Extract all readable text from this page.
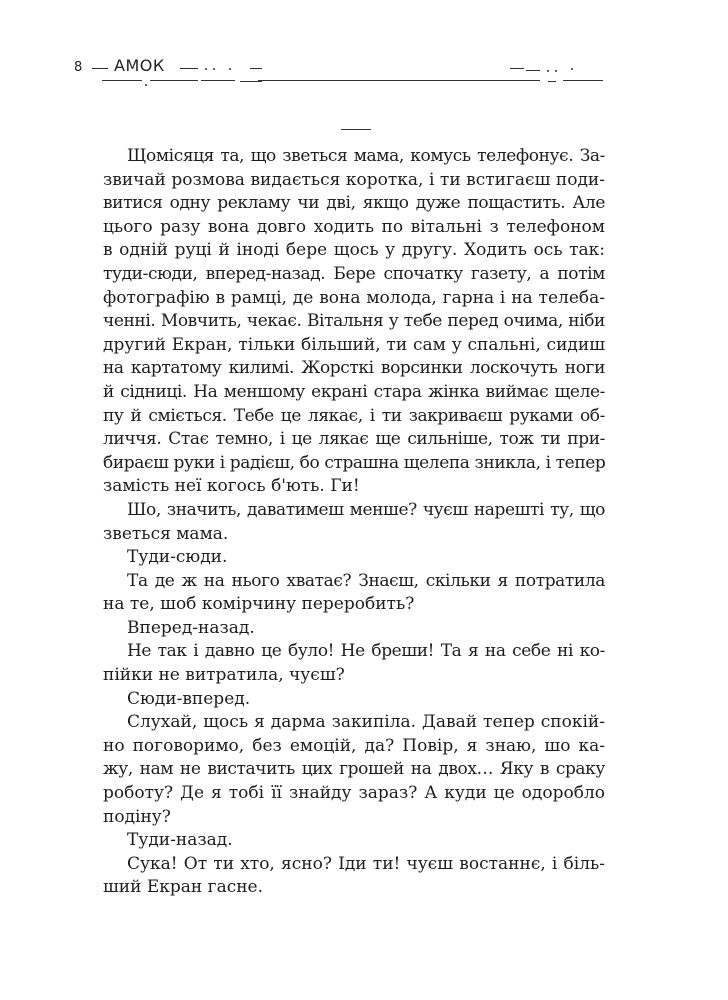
8 АМОК

Щомісяця та, що зветься мама, комусь телефонує. За-
звичай розмова видається коротка, і ти встигаєш поди-
витися одну рекламу чи дві, якщо дуже пощастить. Але
цього разу вона довго ходить по вітальні з телефоном
в одній руці й іноді бере щось у другу. Ходить ось так:
туди-сюди, вперед-назад. Бере спочатку газету, а потім
фотографію в рамці, де вона молода, гарна і на телеба-
ченні. Мовчить, чекає. Вітальня у тебе перед очима, ніби
другий Екран, тільки більший, ти сам у спальні, сидиш
на картатому килимі. Жорсткі ворсинки лоскочуть ноги
й сідниці. На меншому екрані стара жінка виймає щеле-
пу й сміється. Тебе це лякає, і ти закриваєш руками об-
личчя. Стає темно, і це лякає ще сильніше, тож ти при-
бираєш руки і радієш, бо страшна щелепа зникла, і тепер
замість неї когось б'ють. Ги!

Шо, значить, даватимеш менше? чуєш нарешті ту, що
зветься мама.

Туди-сюди.

Та де ж на нього хватає? Знаєш, скільки я потратила
на те, шоб комірчину переробить?

Вперед-назад.

Не так і давно це було! Не бреши! Та я на себе ні ко-
пійки не витратила, чуєш?

Сюди-вперед.

Слухай, щось я дарма закипіла. Давай тепер спокій-
но поговоримо, без емоцій, да? Повір, я знаю, шо ка-
жу, нам не вистачить цих грошей на двох… Яку в сраку
роботу? Де я тобі її знайду зараз? А куди це одоробло
подіну?

Туди-назад.

Сука! От ти хто, ясно? Іди ти! чуєш востаннє, і біль-
ший Екран гасне.
